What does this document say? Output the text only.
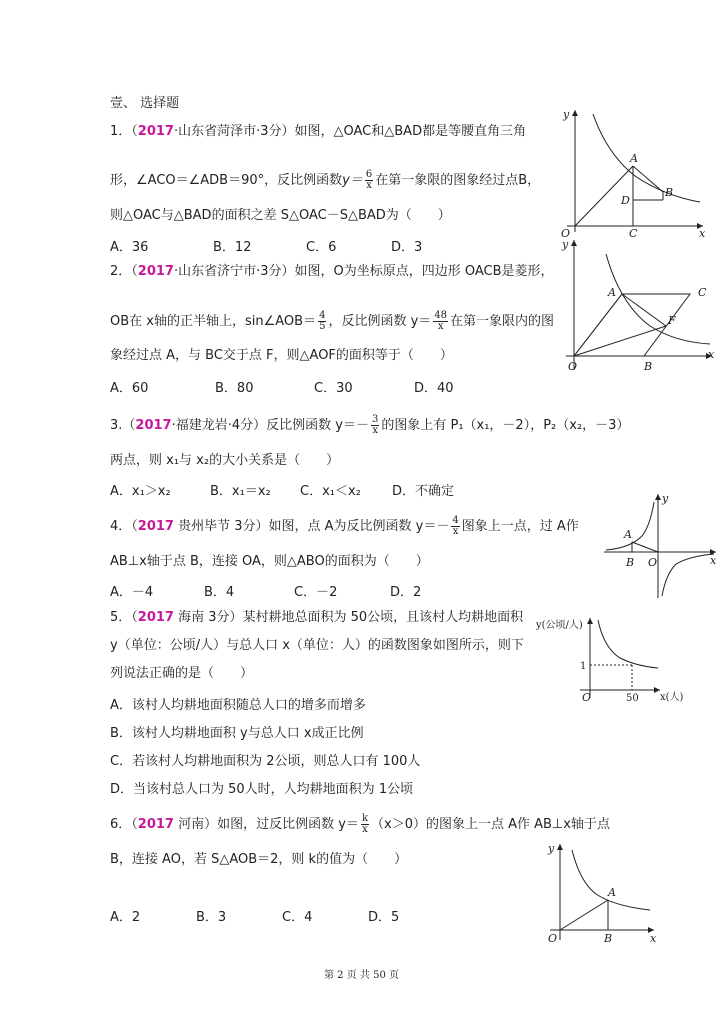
壹、 选择题
1．（2017·山东省菏泽市·3分）如图，△OAC和△BAD都是等腰直角三角
形，∠ACO＝∠ADB＝90°，反比例函数$y= \frac{6}{x}$ 在第一象限的图象经过点B，
则△OAC与△BAD的面积之差 S△OAC－S△BAD为（　　）
A．36	B．12	C．6	D．3
y
x
O
A
B
C
D
2．（2017·山东省济宁市·3分）如图，O为坐标原点，四边形 OACB是菱形，
OB在 x轴的正半轴上，sin∠AOB＝ $\frac{4}{5}$ ，反比例函数 $y= \frac{48}{x}$ 在第一象限内的图
象经过点 A，与 BC交于点 F，则△AOF的面积等于（　　）
A．60	B．80	C．30	D．40
y
x
O
A
B
C
F
3.（2017·福建龙岩·4分）反比例函数 $y=- \frac{3}{x}$ 的图象上有 P₁（x₁，－2），P₂（x₂，－3）
两点，则 x₁与 x₂的大小关系是（　　）
A．x₁＞x₂	B．x₁＝x₂ C．x₁＜x₂ D．不确定
4．（2017 贵州毕节 3分）如图，点 A为反比例函数 $y=- \frac{4}{x}$ 图象上一点，过 A作
AB⊥x轴于点 B，连接 OA，则△ABO的面积为（　　）
A．－4	B．4	C．－2	D．2
y
x
O
A
B
5．（2017 海南 3分）某村耕地总面积为 50公顷，且该村人均耕地面积
y（单位：公顷/人）与总人口 x（单位：人）的函数图象如图所示，则下
列说法正确的是（　　）
A．该村人均耕地面积随总人口的增多而增多
B．该村人均耕地面积 y与总人口 x成正比例
C．若该村人均耕地面积为 2公顷，则总人口有 100人
D．当该村总人口为 50人时，人均耕地面积为 1公顷
y(公顷/人)
x(人)
1
50
O
6．（2017 河南）如图，过反比例函数 $y= \frac{k}{x} (x>0)$的图象上一点 A作 AB⊥x轴于点
B，连接 AO，若 S△AOB＝2，则 k的值为（　　）
A．2	B．3	C．4	D．5
y
x
O
A
B
第 2 页 共 50 页
